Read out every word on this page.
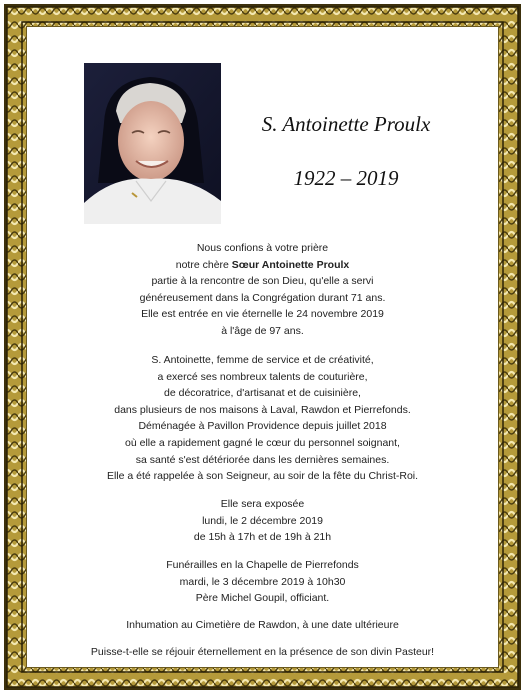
S. Antoinette Proulx
1922 – 2019
Nous confions à votre prière
notre chère Sœur Antoinette Proulx
partie à la rencontre de son Dieu, qu'elle a servi
généreusement dans la Congrégation durant 71 ans.
Elle est entrée en vie éternelle le 24 novembre 2019
à l'âge de 97 ans.
S. Antoinette, femme de service et de créativité,
a exercé ses nombreux talents de couturière,
de décoratrice, d'artisanat et de cuisinière,
dans plusieurs de nos maisons à Laval, Rawdon et Pierrefonds.
Déménagée à Pavillon Providence depuis juillet 2018
où elle a rapidement gagné le cœur du personnel soignant,
sa santé s'est détériorée dans les dernières semaines.
Elle a été rappelée à son Seigneur, au soir de la fête du Christ-Roi.
Elle sera exposée
lundi, le 2 décembre 2019
de 15h à 17h et de 19h à 21h
Funérailles en la Chapelle de Pierrefonds
mardi, le 3 décembre 2019 à 10h30
Père Michel Goupil, officiant.
Inhumation au Cimetière de Rawdon, à une date ultérieure
Puisse-t-elle se réjouir éternellement en la présence de son divin Pasteur!
